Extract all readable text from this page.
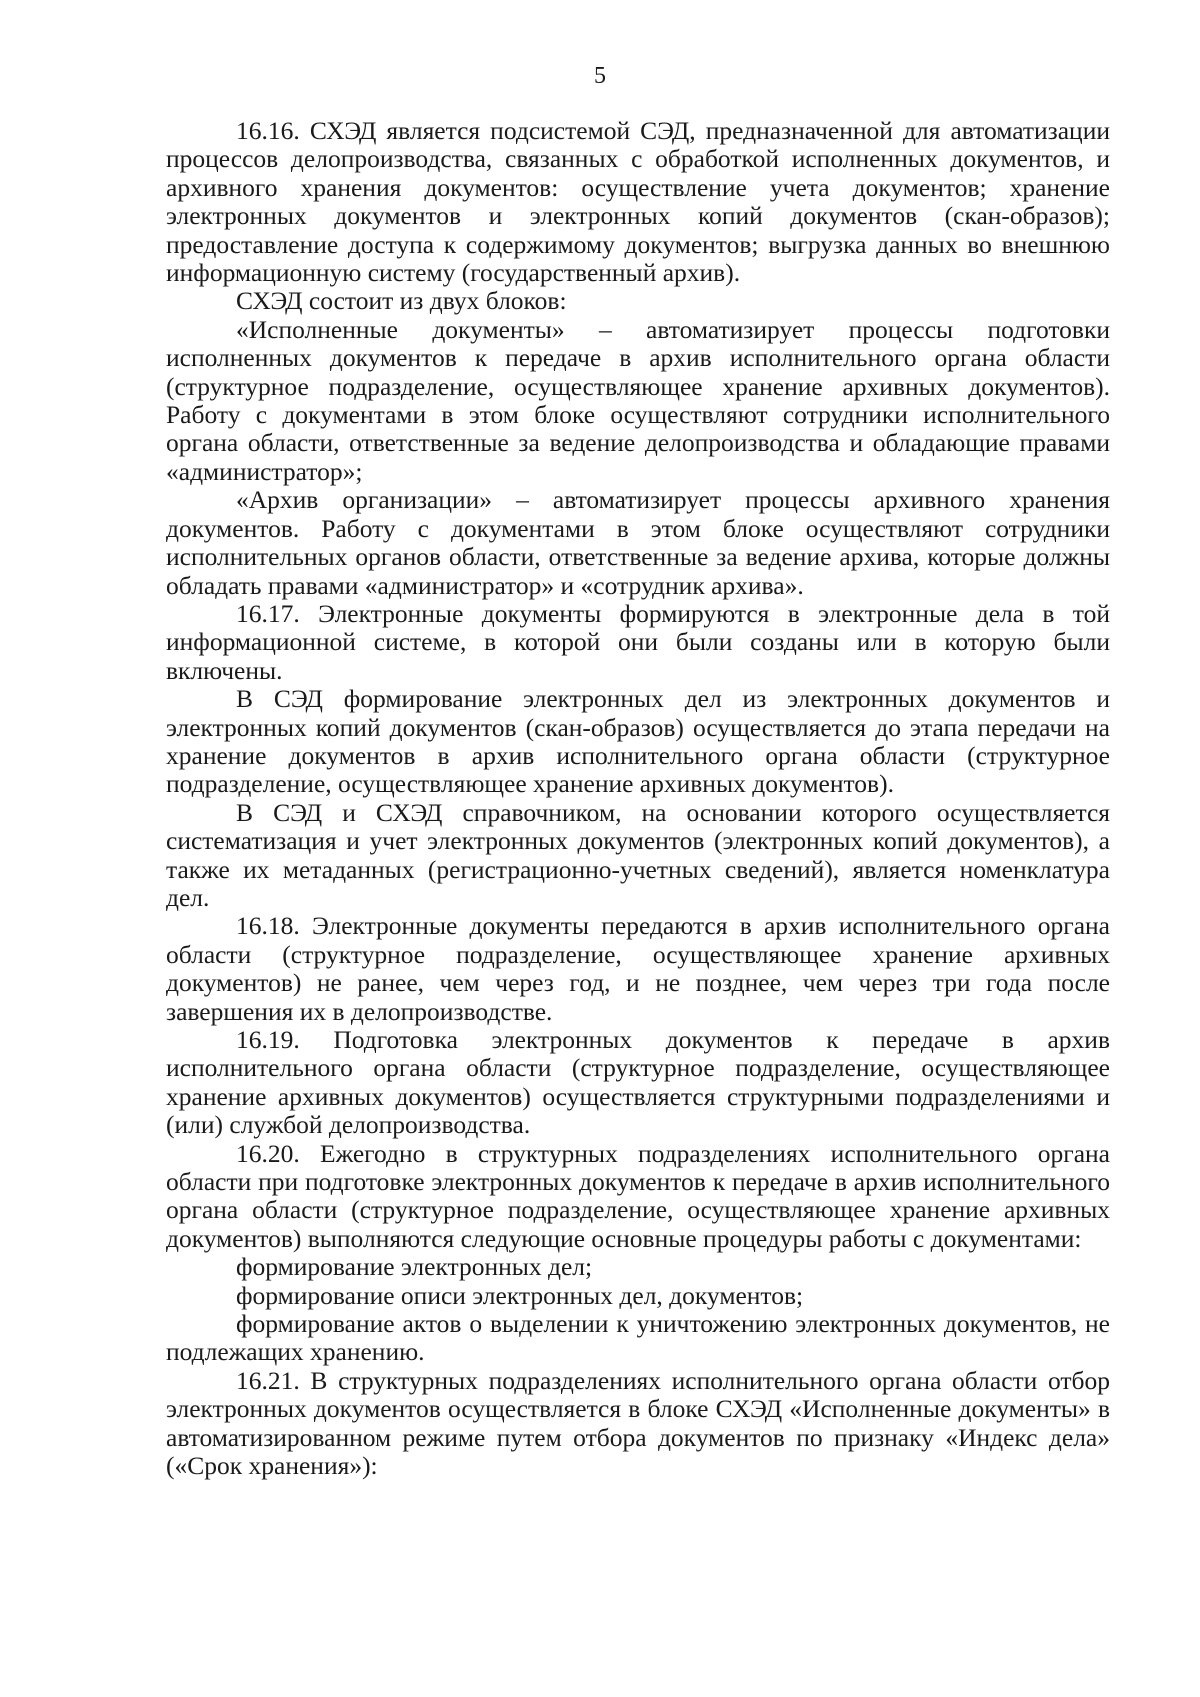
5

16.16. СХЭД является подсистемой СЭД, предназначенной для автоматизации процессов делопроизводства, связанных с обработкой исполненных документов, и архивного хранения документов: осуществление учета документов; хранение электронных документов и электронных копий документов (скан-образов); предоставление доступа к содержимому документов; выгрузка данных во внешнюю информационную систему (государственный архив).

СХЭД состоит из двух блоков:

«Исполненные документы» – автоматизирует процессы подготовки исполненных документов к передаче в архив исполнительного органа области (структурное подразделение, осуществляющее хранение архивных документов). Работу с документами в этом блоке осуществляют сотрудники исполнительного органа области, ответственные за ведение делопроизводства и обладающие правами «администратор»;

«Архив организации» – автоматизирует процессы архивного хранения документов. Работу с документами в этом блоке осуществляют сотрудники исполнительных органов области, ответственные за ведение архива, которые должны обладать правами «администратор» и «сотрудник архива».

16.17. Электронные документы формируются в электронные дела в той информационной системе, в которой они были созданы или в которую были включены.

В СЭД формирование электронных дел из электронных документов и электронных копий документов (скан-образов) осуществляется до этапа передачи на хранение документов в архив исполнительного органа области (структурное подразделение, осуществляющее хранение архивных документов).

В СЭД и СХЭД справочником, на основании которого осуществляется систематизация и учет электронных документов (электронных копий документов), а также их метаданных (регистрационно-учетных сведений), является номенклатура дел.

16.18. Электронные документы передаются в архив исполнительного органа области (структурное подразделение, осуществляющее хранение архивных документов) не ранее, чем через год, и не позднее, чем через три года после завершения их в делопроизводстве.

16.19. Подготовка электронных документов к передаче в архив исполнительного органа области (структурное подразделение, осуществляющее хранение архивных документов) осуществляется структурными подразделениями и (или) службой делопроизводства.

16.20. Ежегодно в структурных подразделениях исполнительного органа области при подготовке электронных документов к передаче в архив исполнительного органа области (структурное подразделение, осуществляющее хранение архивных документов) выполняются следующие основные процедуры работы с документами:

формирование электронных дел;

формирование описи электронных дел, документов;

формирование актов о выделении к уничтожению электронных документов, не подлежащих хранению.

16.21. В структурных подразделениях исполнительного органа области отбор электронных документов осуществляется в блоке СХЭД «Исполненные документы» в автоматизированном режиме путем отбора документов по признаку «Индекс дела» («Срок хранения»):
